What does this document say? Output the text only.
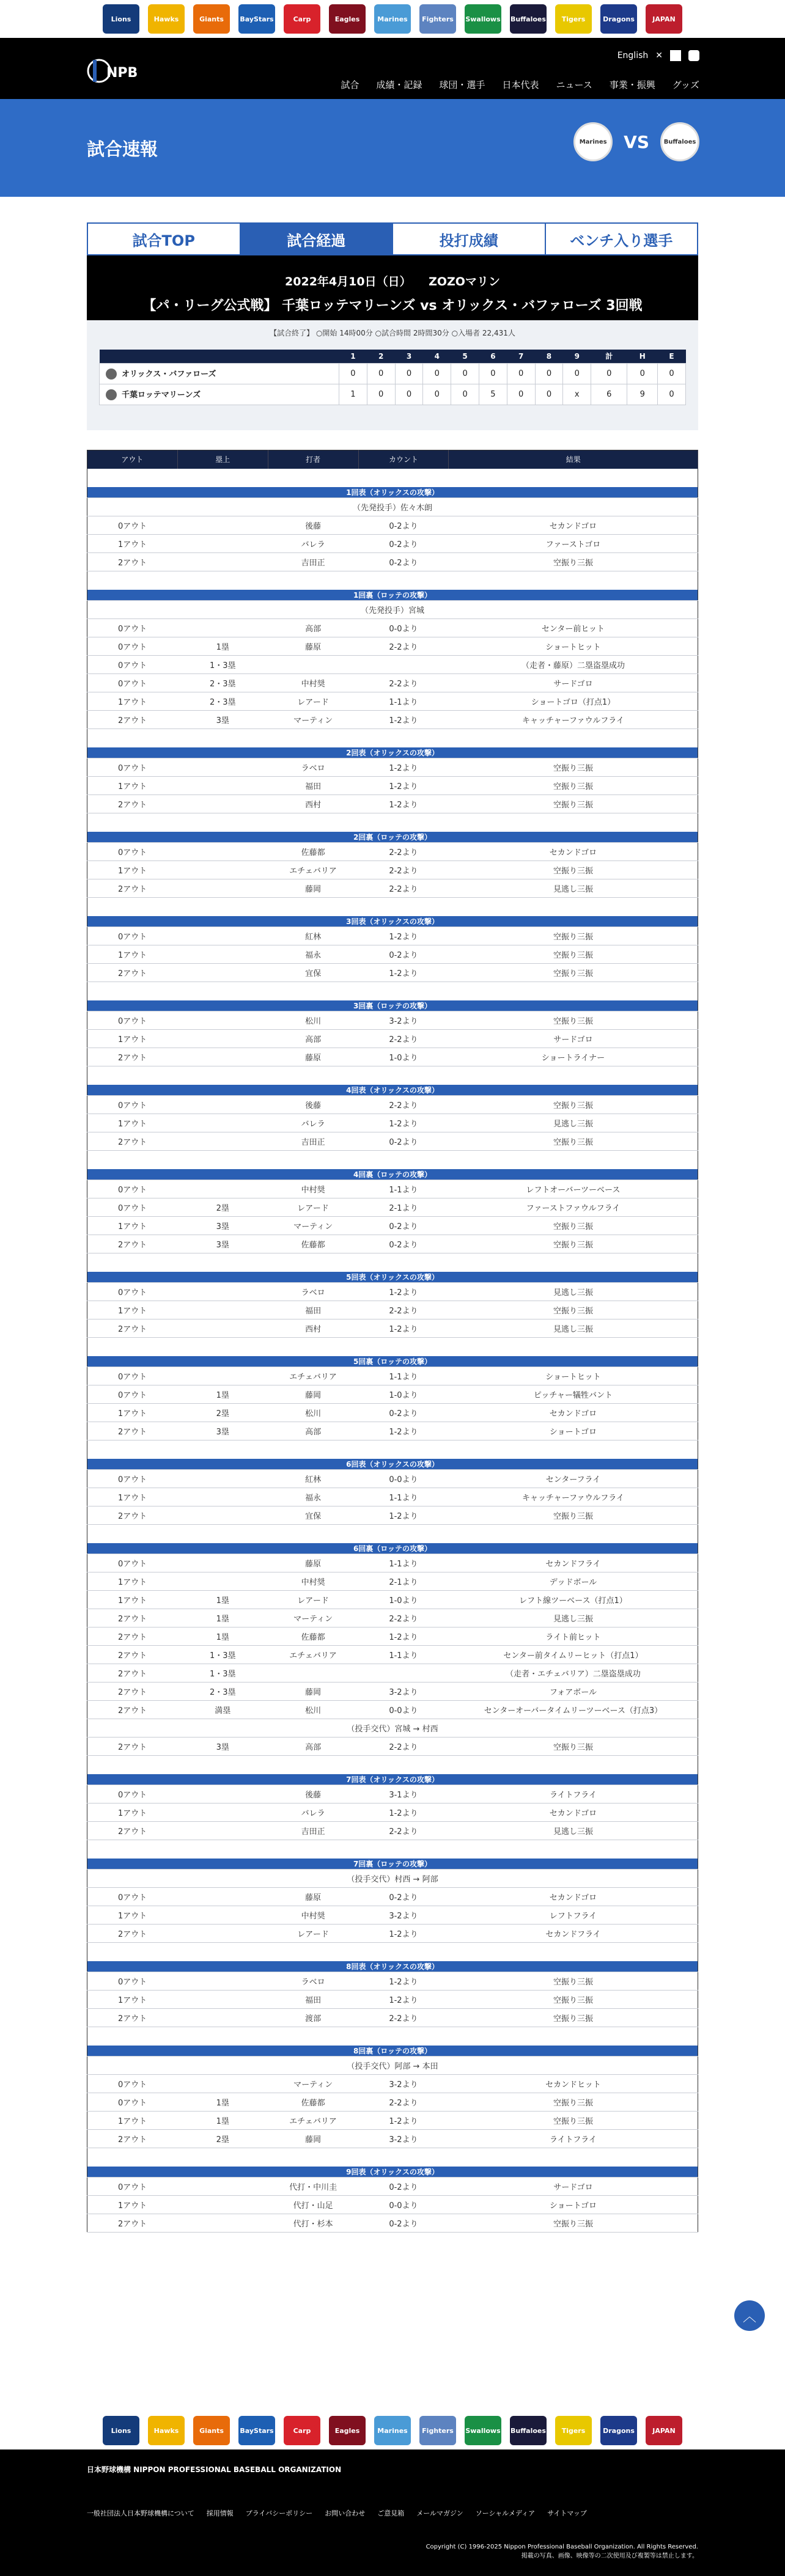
Lions	Hawks	Giants	BayStars	Carp	Eagles	Marines	Fighters	Swallows Buffaloes	Tigers	Dragons	JAPAN
NPB
English ✕
試合 成績・記録 球団・選手 日本代表 ニュース 事業・振興 グッズ
試合速報	Marines VS	Buffaloes
試合TOP	試合経過	投打成績	ベンチ入り選手
2022年4月10日（日）　　ZOZOマリン
【パ・リーグ公式戦】 千葉ロッテマリーンズ vs オリックス・バファローズ 3回戦
【試合終了】 ○開始 14時00分 ○試合時間 2時間30分 ○入場者 22,431人
	1	2	3	4	5	6	7	8	9	計	H	E
オリックス・バファローズ	0	0	0	0	0	0	0	0	0	0	0	0
千葉ロッテマリーンズ	1	0	0	0	0	5	0	0	x	6	9	0
アウト	塁上	打者	カウント	結果

1回表（オリックスの攻撃）				
（先発投手）佐々木朗				
0アウト		後藤	0-2より	セカンドゴロ
1アウト		バレラ	0-2より	ファーストゴロ
2アウト		吉田正	0-2より	空振り三振

1回裏（ロッテの攻撃）				
（先発投手）宮城				
0アウト		高部	0-0より	センター前ヒット
0アウト	1塁	藤原	2-2より	ショートヒット
0アウト	1・3塁			（走者・藤原）二塁盗塁成功
0アウト	2・3塁	中村奨	2-2より	サードゴロ
1アウト	2・3塁	レアード	1-1より	ショートゴロ（打点1）
2アウト	3塁	マーティン	1-2より	キャッチャーファウルフライ

2回表（オリックスの攻撃）				
0アウト		ラベロ	1-2より	空振り三振
1アウト		福田	1-2より	空振り三振
2アウト		西村	1-2より	空振り三振

2回裏（ロッテの攻撃）				
0アウト		佐藤都	2-2より	セカンドゴロ
1アウト		エチェバリア	2-2より	空振り三振
2アウト		藤岡	2-2より	見逃し三振

3回表（オリックスの攻撃）				
0アウト		紅林	1-2より	空振り三振
1アウト		福永	0-2より	空振り三振
2アウト		宜保	1-2より	空振り三振

3回裏（ロッテの攻撃）				
0アウト		松川	3-2より	空振り三振
1アウト		高部	2-2より	サードゴロ
2アウト		藤原	1-0より	ショートライナー

4回表（オリックスの攻撃）				
0アウト		後藤	2-2より	空振り三振
1アウト		バレラ	1-2より	見逃し三振
2アウト		吉田正	0-2より	空振り三振

4回裏（ロッテの攻撃）				
0アウト		中村奨	1-1より	レフトオーバーツーベース
0アウト	2塁	レアード	2-1より	ファーストファウルフライ
1アウト	3塁	マーティン	0-2より	空振り三振
2アウト	3塁	佐藤都	0-2より	空振り三振

5回表（オリックスの攻撃）				
0アウト		ラベロ	1-2より	見逃し三振
1アウト		福田	2-2より	空振り三振
2アウト		西村	1-2より	見逃し三振

5回裏（ロッテの攻撃）				
0アウト		エチェバリア	1-1より	ショートヒット
0アウト	1塁	藤岡	1-0より	ピッチャー犠牲バント
1アウト	2塁	松川	0-2より	セカンドゴロ
2アウト	3塁	高部	1-2より	ショートゴロ

6回表（オリックスの攻撃）				
0アウト		紅林	0-0より	センターフライ
1アウト		福永	1-1より	キャッチャーファウルフライ
2アウト		宜保	1-2より	空振り三振

6回裏（ロッテの攻撃）				
0アウト		藤原	1-1より	セカンドフライ
1アウト		中村奨	2-1より	デッドボール
1アウト	1塁	レアード	1-0より	レフト線ツーベース（打点1）
2アウト	1塁	マーティン	2-2より	見逃し三振
2アウト	1塁	佐藤都	1-2より	ライト前ヒット
2アウト	1・3塁	エチェバリア	1-1より	センター前タイムリーヒット（打点1）
2アウト	1・3塁			（走者・エチェバリア）二塁盗塁成功
2アウト	2・3塁	藤岡	3-2より	フォアボール
2アウト	満塁	松川	0-0より	センターオーバータイムリーツーベース（打点3）
（投手交代）宮城 → 村西				
2アウト	3塁	高部	2-2より	空振り三振

7回表（オリックスの攻撃）				
0アウト		後藤	3-1より	ライトフライ
1アウト		バレラ	1-2より	セカンドゴロ
2アウト		吉田正	2-2より	見逃し三振

7回裏（ロッテの攻撃）				
（投手交代）村西 → 阿部				
0アウト		藤原	0-2より	セカンドゴロ
1アウト		中村奨	3-2より	レフトフライ
2アウト		レアード	1-2より	セカンドフライ

8回表（オリックスの攻撃）				
0アウト		ラベロ	1-2より	空振り三振
1アウト		福田	1-2より	空振り三振
2アウト		渡部	2-2より	空振り三振

8回裏（ロッテの攻撃）				
（投手交代）阿部 → 本田				
0アウト		マーティン	3-2より	セカンドヒット
0アウト	1塁	佐藤都	2-2より	空振り三振
1アウト	1塁	エチェバリア	1-2より	空振り三振
2アウト	2塁	藤岡	3-2より	ライトフライ

9回表（オリックスの攻撃）				
0アウト		代打・中川圭	0-2より	サードゴロ
1アウト		代打・山足	0-0より	ショートゴロ
2アウト		代打・杉本	0-2より	空振り三振
︿
Lions	Hawks	Giants	BayStars	Carp	Eagles	Marines	Fighters	Swallows Buffaloes	Tigers	Dragons	JAPAN
日本野球機構 NIPPON PROFESSIONAL BASEBALL ORGANIZATION
一般社団法人日本野球機構について 採用情報 プライバシーポリシー お問い合わせ ご意見箱 メールマガジン ソーシャルメディア サイトマップ
Copyright (C) 1996-2025 Nippon Professional Baseball Organization. All Rights Reserved.
掲載の写真、画像、映像等の二次使用及び複製等は禁止します。
